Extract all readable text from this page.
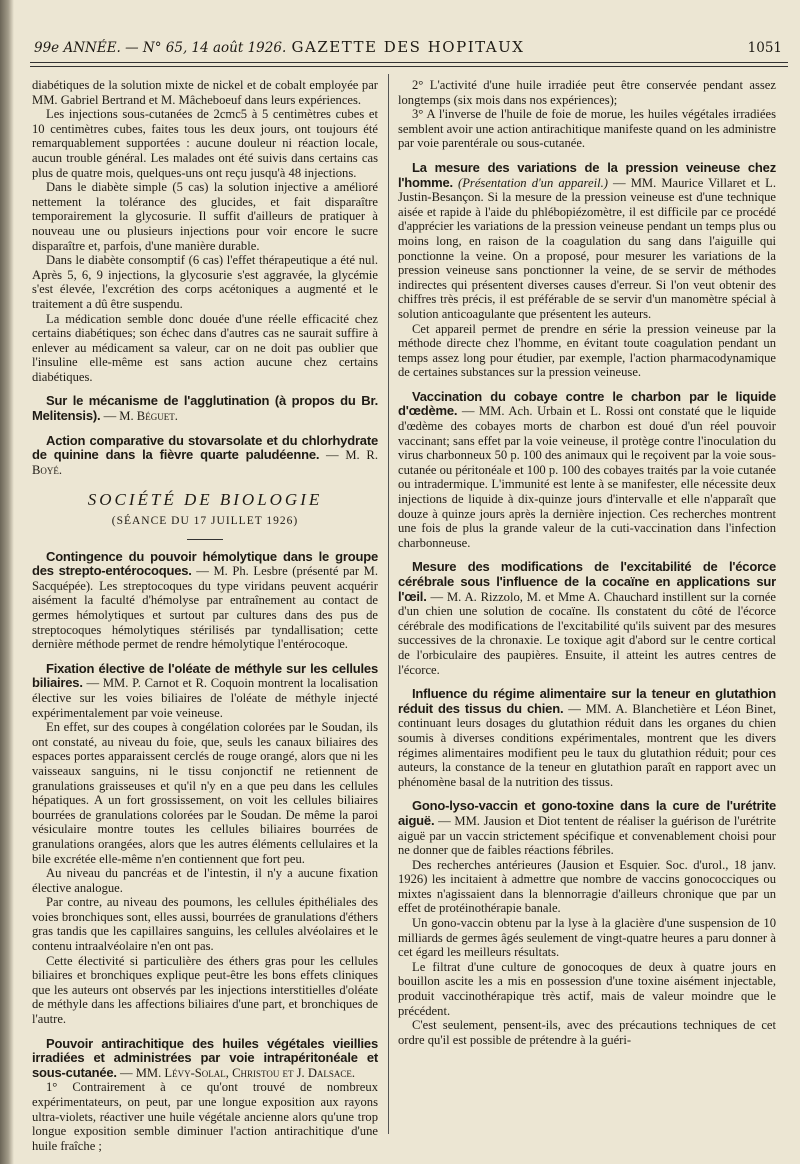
99e ANNÉE. — N° 65, 14 août 1926. GAZETTE DES HOPITAUX	1051

diabétiques de la solution mixte de nickel et de cobalt employée par MM. Gabriel Bertrand et M. Mâcheboeuf dans leurs expériences.

Les injections sous-cutanées de 2cmc5 à 5 centimètres cubes et 10 centimètres cubes, faites tous les deux jours, ont toujours été remarquablement supportées : aucune douleur ni réaction locale, aucun trouble général. Les malades ont été suivis dans certains cas plus de quatre mois, quelques-uns ont reçu jusqu'à 48 injections.

Dans le diabète simple (5 cas) la solution injective a amélioré nettement la tolérance des glucides, et fait disparaître temporairement la glycosurie. Il suffit d'ailleurs de pratiquer à nouveau une ou plusieurs injections pour voir encore le sucre disparaître et, parfois, d'une manière durable.

Dans le diabète consomptif (6 cas) l'effet thérapeutique a été nul. Après 5, 6, 9 injections, la glycosurie s'est aggravée, la glycémie s'est élevée, l'excrétion des corps acétoniques a augmenté et le traitement a dû être suspendu.

La médication semble donc douée d'une réelle efficacité chez certains diabétiques; son échec dans d'autres cas ne saurait suffire à enlever au médicament sa valeur, car on ne doit pas oublier que l'insuline elle-même est sans action aucune chez certains diabétiques.

Sur le mécanisme de l'agglutination (à propos du Br. Melitensis). — M. Béguet.

Action comparative du stovarsolate et du chlorhydrate de quinine dans la fièvre quarte paludéenne. — M. R. Boyé.

SOCIÉTÉ DE BIOLOGIE
(SÉANCE DU 17 JUILLET 1926)

Contingence du pouvoir hémolytique dans le groupe des strepto-entérocoques. — M. Ph. Lesbre (présenté par M. Sacquépée). Les streptocoques du type viridans peuvent acquérir aisément la faculté d'hémolyse par entraînement au contact de germes hémolytiques et surtout par cultures dans des pus de streptocoques hémolytiques stérilisés par tyndallisation; cette dernière méthode permet de rendre hémolytique l'entérocoque.

Fixation élective de l'oléate de méthyle sur les cellules biliaires. — MM. P. Carnot et R. Coquoin montrent la localisation élective sur les voies biliaires de l'oléate de méthyle injecté expérimentalement par voie veineuse.

En effet, sur des coupes à congélation colorées par le Soudan, ils ont constaté, au niveau du foie, que, seuls les canaux biliaires des espaces portes apparaissent cerclés de rouge orangé, alors que ni les vaisseaux sanguins, ni le tissu conjonctif ne retiennent de granulations graisseuses et qu'il n'y en a que peu dans les cellules hépatiques. A un fort grossissement, on voit les cellules biliaires bourrées de granulations colorées par le Soudan. De même la paroi vésiculaire montre toutes les cellules biliaires bourrées de granulations orangées, alors que les autres éléments cellulaires et la bile excrétée elle-même n'en contiennent que fort peu.

Au niveau du pancréas et de l'intestin, il n'y a aucune fixation élective analogue.

Par contre, au niveau des poumons, les cellules épithéliales des voies bronchiques sont, elles aussi, bourrées de granulations d'éthers gras tandis que les capillaires sanguins, les cellules alvéolaires et le contenu intraalvéolaire n'en ont pas.

Cette électivité si particulière des éthers gras pour les cellules biliaires et bronchiques explique peut-être les bons effets cliniques que les auteurs ont observés par les injections interstitielles d'oléate de méthyle dans les affections biliaires d'une part, et bronchiques de l'autre.

Pouvoir antirachitique des huiles végétales vieillies irradiées et administrées par voie intrapéritonéale et sous-cutanée. — MM. Lévy-Solal, Christou et J. Dalsace.

1° Contrairement à ce qu'ont trouvé de nombreux expérimentateurs, on peut, par une longue exposition aux rayons ultra-violets, réactiver une huile végétale ancienne alors qu'une trop longue exposition semble diminuer l'action antirachitique d'une huile fraîche ;

2° L'activité d'une huile irradiée peut être conservée pendant assez longtemps (six mois dans nos expériences);

3° A l'inverse de l'huile de foie de morue, les huiles végétales irradiées semblent avoir une action antirachitique manifeste quand on les administre par voie parentérale ou sous-cutanée.

La mesure des variations de la pression veineuse chez l'homme. (Présentation d'un appareil.) — MM. Maurice Villaret et L. Justin-Besançon. Si la mesure de la pression veineuse est d'une technique aisée et rapide à l'aide du phlébopiézomètre, il est difficile par ce procédé d'apprécier les variations de la pression veineuse pendant un temps plus ou moins long, en raison de la coagulation du sang dans l'aiguille qui ponctionne la veine. On a proposé, pour mesurer les variations de la pression veineuse sans ponctionner la veine, de se servir de méthodes indirectes qui présentent diverses causes d'erreur. Si l'on veut obtenir des chiffres très précis, il est préférable de se servir d'un manomètre spécial à solution anticoagulante que présentent les auteurs.

Cet appareil permet de prendre en série la pression veineuse par la méthode directe chez l'homme, en évitant toute coagulation pendant un temps assez long pour étudier, par exemple, l'action pharmacodynamique de certaines substances sur la pression veineuse.

Vaccination du cobaye contre le charbon par le liquide d'œdème. — MM. Ach. Urbain et L. Rossi ont constaté que le liquide d'œdème des cobayes morts de charbon est doué d'un réel pouvoir vaccinant; sans effet par la voie veineuse, il protège contre l'inoculation du virus charbonneux 50 p. 100 des animaux qui le reçoivent par la voie sous-cutanée ou péritonéale et 100 p. 100 des cobayes traités par la voie cutanée ou intradermique. L'immunité est lente à se manifester, elle nécessite deux injections de liquide à dix-quinze jours d'intervalle et elle n'apparaît que douze à quinze jours après la dernière injection. Ces recherches montrent une fois de plus la grande valeur de la cuti-vaccination dans l'infection charbonneuse.

Mesure des modifications de l'excitabilité de l'écorce cérébrale sous l'influence de la cocaïne en applications sur l'œil. — M. A. Rizzolo, M. et Mme A. Chauchard instillent sur la cornée d'un chien une solution de cocaïne. Ils constatent du côté de l'écorce cérébrale des modifications de l'excitabilité qu'ils suivent par des mesures successives de la chronaxie. Le toxique agit d'abord sur le centre cortical de l'orbiculaire des paupières. Ensuite, il atteint les autres centres de l'écorce.

Influence du régime alimentaire sur la teneur en glutathion réduit des tissus du chien. — MM. A. Blanchetière et Léon Binet, continuant leurs dosages du glutathion réduit dans les organes du chien soumis à diverses conditions expérimentales, montrent que les divers régimes alimentaires modifient peu le taux du glutathion réduit; pour ces auteurs, la constance de la teneur en glutathion paraît en rapport avec un phénomène basal de la nutrition des tissus.

Gono-lyso-vaccin et gono-toxine dans la cure de l'urétrite aiguë. — MM. Jausion et Diot tentent de réaliser la guérison de l'urétrite aiguë par un vaccin strictement spécifique et convenablement choisi pour ne donner que de faibles réactions fébriles.

Des recherches antérieures (Jausion et Esquier. Soc. d'urol., 18 janv. 1926) les incitaient à admettre que nombre de vaccins gonococciques ou mixtes n'agissaient dans la blennorragie d'ailleurs chronique que par un effet de protéinothérapie banale.

Un gono-vaccin obtenu par la lyse à la glacière d'une suspension de 10 milliards de germes âgés seulement de vingt-quatre heures a paru donner à cet égard les meilleurs résultats.

Le filtrat d'une culture de gonocoques de deux à quatre jours en bouillon ascite les a mis en possession d'une toxine aisément injectable, produit vaccinothérapique très actif, mais de valeur moindre que le précédent.

C'est seulement, pensent-ils, avec des précautions techniques de cet ordre qu'il est possible de prétendre à la guéri-
